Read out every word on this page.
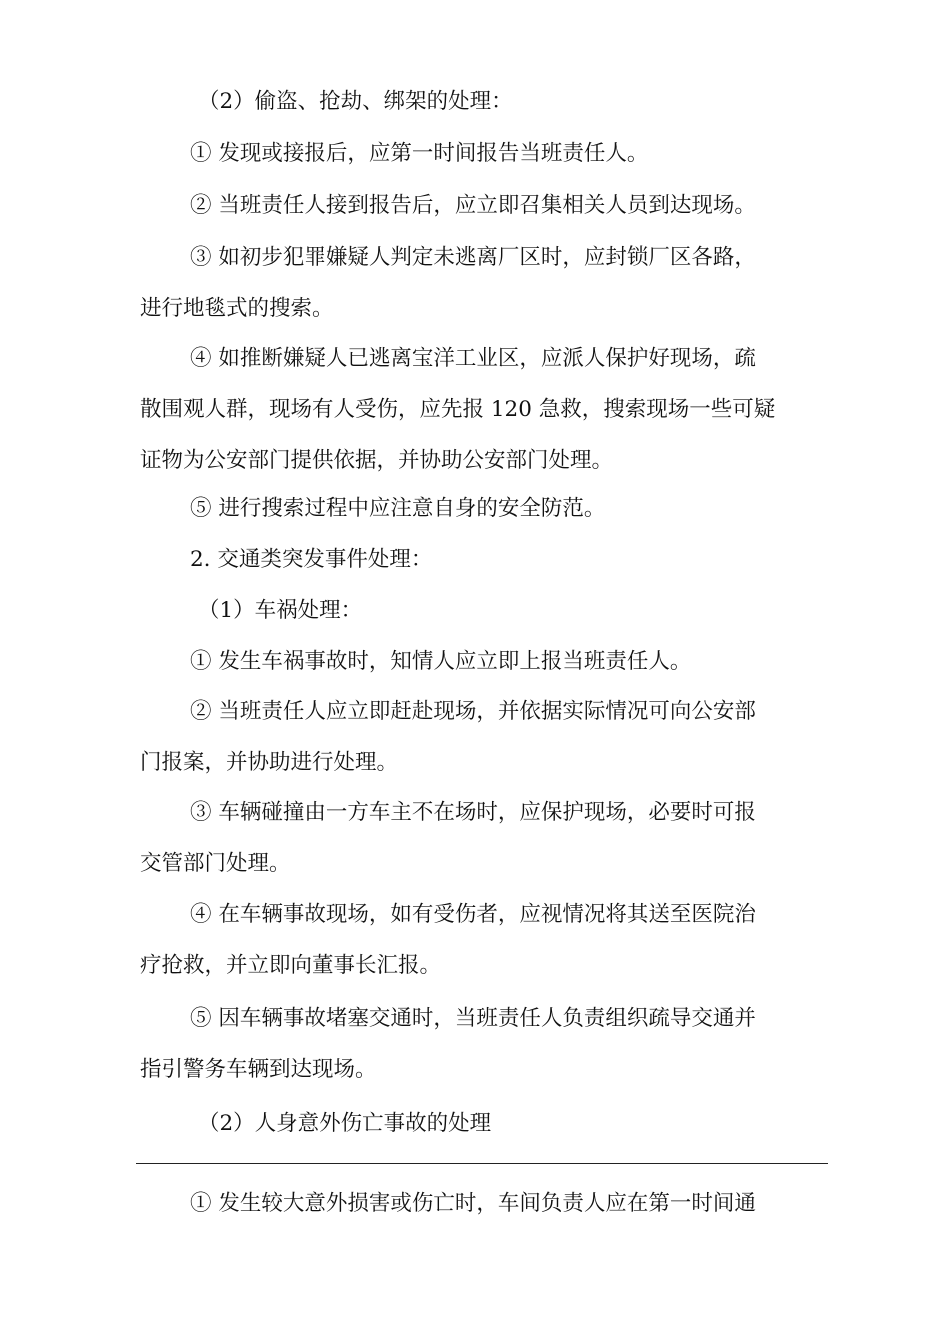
（2）偷盗、抢劫、绑架的处理：
① 发现或接报后，应第一时间报告当班责任人。
② 当班责任人接到报告后，应立即召集相关人员到达现场。
③ 如初步犯罪嫌疑人判定未逃离厂区时，应封锁厂区各路，
进行地毯式的搜索。
④ 如推断嫌疑人已逃离宝洋工业区，应派人保护好现场，疏
散围观人群，现场有人受伤，应先报 120 急救，搜索现场一些可疑
证物为公安部门提供依据，并协助公安部门处理。
⑤ 进行搜索过程中应注意自身的安全防范。
2. 交通类突发事件处理：
（1）车祸处理：
① 发生车祸事故时，知情人应立即上报当班责任人。
② 当班责任人应立即赶赴现场，并依据实际情况可向公安部
门报案，并协助进行处理。
③ 车辆碰撞由一方车主不在场时，应保护现场，必要时可报
交管部门处理。
④ 在车辆事故现场，如有受伤者，应视情况将其送至医院治
疗抢救，并立即向董事长汇报。
⑤ 因车辆事故堵塞交通时，当班责任人负责组织疏导交通并
指引警务车辆到达现场。
（2）人身意外伤亡事故的处理
① 发生较大意外损害或伤亡时，车间负责人应在第一时间通
